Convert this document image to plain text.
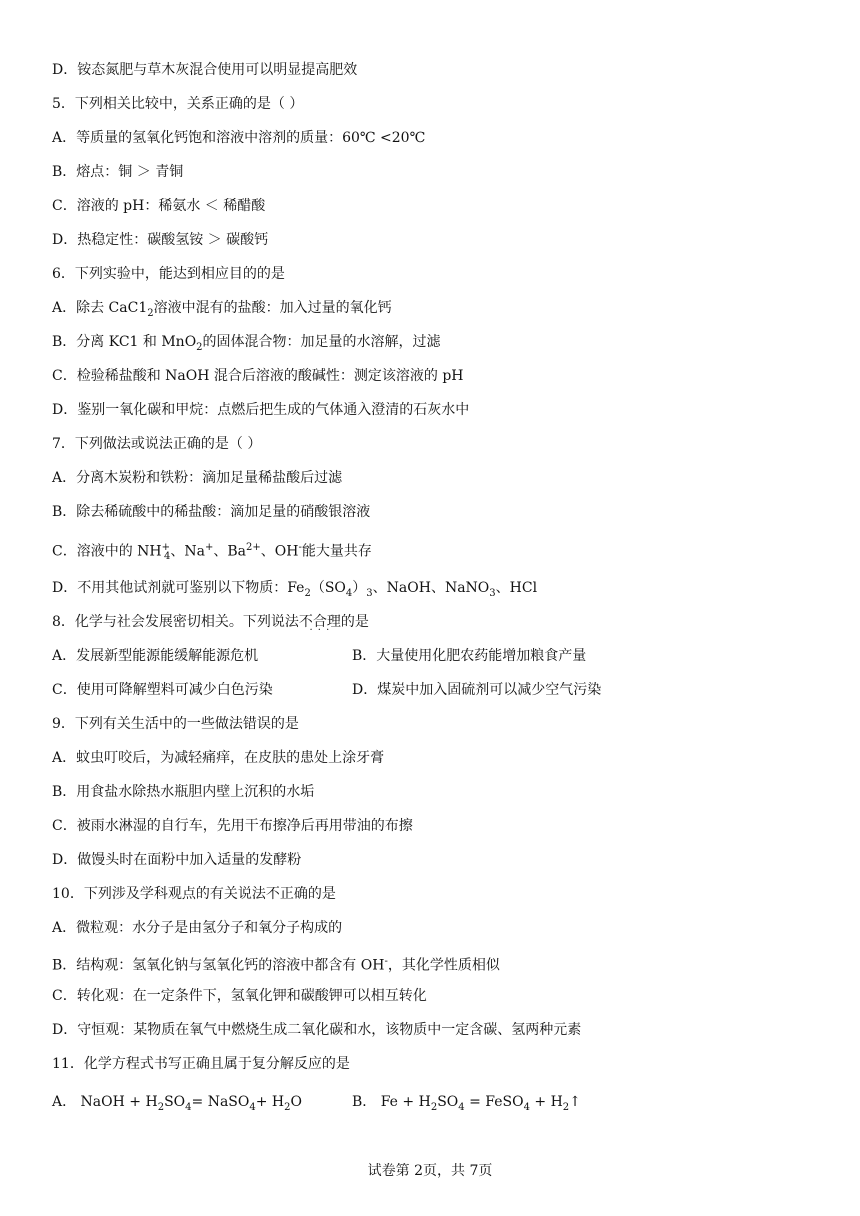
D．铵态氮肥与草木灰混合使用可以明显提高肥效
5．下列相关比较中，关系正确的是（ ）
A．等质量的氢氧化钙饱和溶液中溶剂的质量：60℃ <20℃
B．熔点：铜 ＞ 青铜
C．溶液的 pH：稀氨水 ＜ 稀醋酸
D．热稳定性：碳酸氢铵 ＞ 碳酸钙
6．下列实验中，能达到相应目的的是
A．除去 $CaC1_2$溶液中混有的盐酸：加入过量的氧化钙
B．分离 KC1 和 MnO$_2$的固体混合物：加足量的水溶解，过滤
C．检验稀盐酸和 NaOH 混合后溶液的酸碱性：测定该溶液的 pH
D．鉴别一氧化碳和甲烷：点燃后把生成的气体通入澄清的石灰水中
7．下列做法或说法正确的是（ ）
A．分离木炭粉和铁粉：滴加足量稀盐酸后过滤
B．除去稀硫酸中的稀盐酸：滴加足量的硝酸银溶液
C．溶液中的 $NH^+_4$、Na+、$Ba^{2+}$、OH-能大量共存
D．不用其他试剂就可鉴别以下物质：$Fe_2(SO_4)_3$、NaOH、NaNO$_3$、HCl
8．化学与社会发展密切相关。下列说法不合理 · · ·的是
A．发展新型能源能缓解能源危机	B．大量使用化肥农药能增加粮食产量
C．使用可降解塑料可减少白色污染	D．煤炭中加入固硫剂可以减少空气污染
9．下列有关生活中的一些做法错误的是
A．蚊虫叮咬后，为减轻痛痒，在皮肤的患处上涂牙膏
B．用食盐水除热水瓶胆内壁上沉积的水垢
C．被雨水淋湿的自行车，先用干布擦净后再用带油的布擦
D．做馒头时在面粉中加入适量的发酵粉
10．下列涉及学科观点的有关说法不正确的是
A．微粒观：水分子是由氢分子和氧分子构成的
B．结构观：氢氧化钠与氢氧化钙的溶液中都含有 OH-，其化学性质相似
C．转化观：在一定条件下，氢氧化钾和碳酸钾可以相互转化
D．守恒观：某物质在氧气中燃烧生成二氧化碳和水，该物质中一定含碳、氢两种元素
11．化学方程式书写正确且属于复分解反应的是
A． NaOH + $H_2SO_4=$ NaSO$_4$+ $H_2O$	B． $Fe + H_2SO_4$ = FeSO$_4$ + $H_2↑$
试卷第 2页，共 7页
